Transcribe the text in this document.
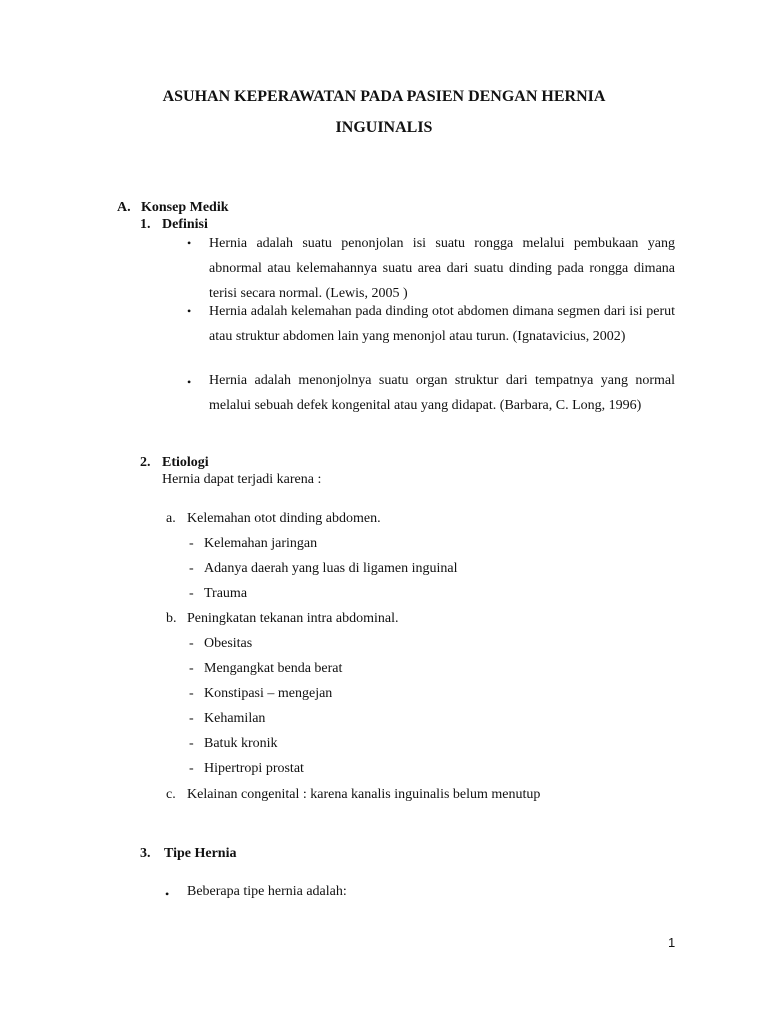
ASUHAN KEPERAWATAN PADA PASIEN DENGAN HERNIA
INGUINALIS
A. Konsep Medik
1. Definisi
• Hernia adalah suatu penonjolan isi suatu rongga melalui pembukaan yang abnormal atau kelemahannya suatu area dari suatu dinding pada rongga dimana terisi secara normal. (Lewis, 2005 )
• Hernia adalah kelemahan pada dinding otot abdomen dimana segmen dari isi perut atau struktur abdomen lain yang menonjol atau turun. (Ignatavicius, 2002)
• Hernia adalah menonjolnya suatu organ struktur dari tempatnya yang normal melalui sebuah defek kongenital atau yang didapat. (Barbara, C. Long, 1996)
2. Etiologi
Hernia dapat terjadi karena :
a. Kelemahan otot dinding abdomen.
- Kelemahan jaringan
- Adanya daerah yang luas di ligamen inguinal
- Trauma
b. Peningkatan tekanan intra abdominal.
- Obesitas
- Mengangkat benda berat
- Konstipasi – mengejan
- Kehamilan
- Batuk kronik
- Hipertropi prostat
c. Kelainan congenital : karena kanalis inguinalis belum menutup
3. Tipe Hernia
• Beberapa tipe hernia adalah:
1
